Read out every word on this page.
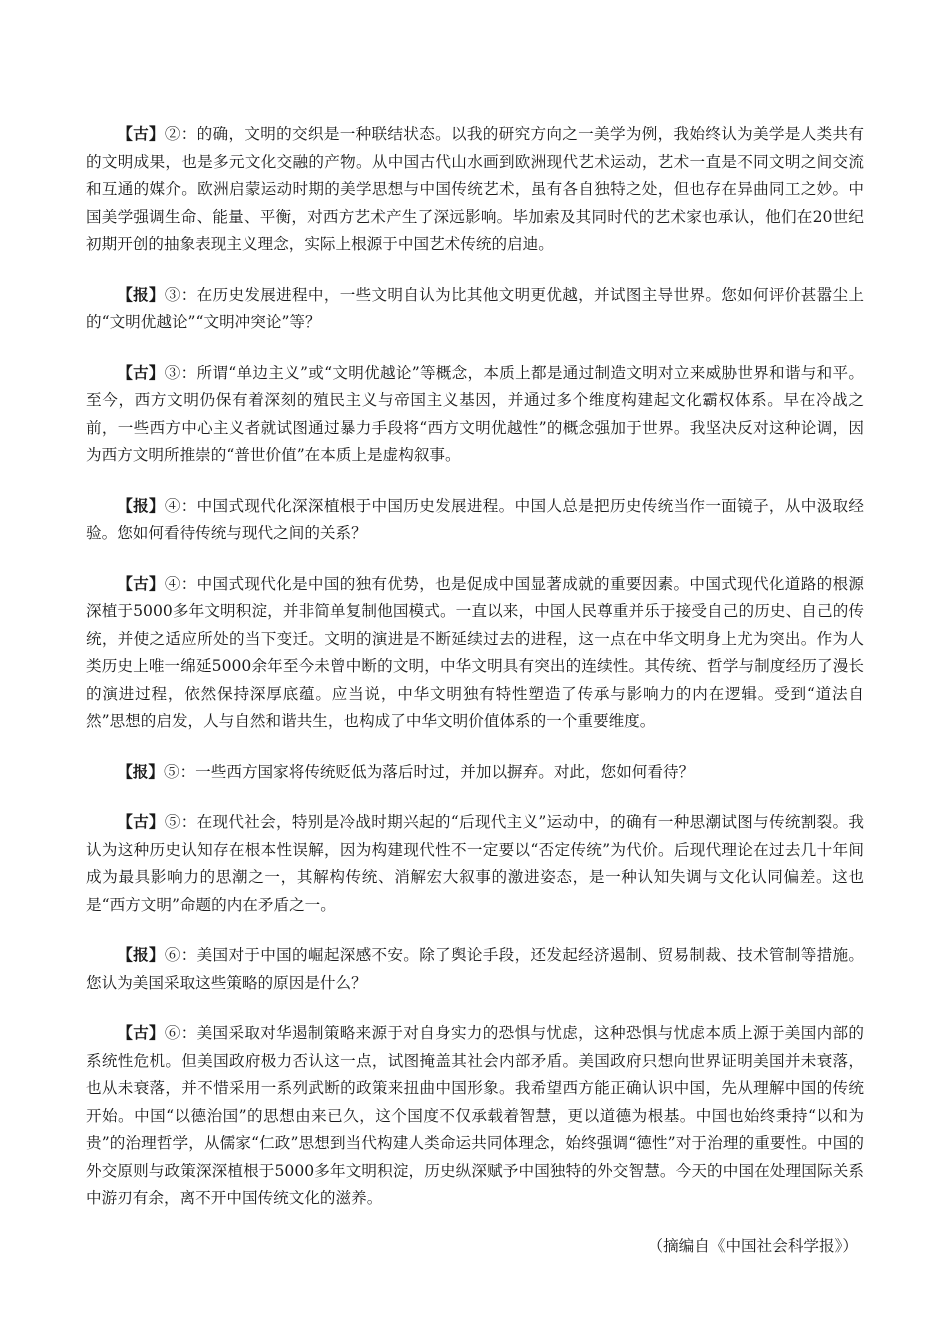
【古】②：的确，文明的交织是一种联结状态。以我的研究方向之一美学为例，我始终认为美学是人类共有的文明成果，也是多元文化交融的产物。从中国古代山水画到欧洲现代艺术运动，艺术一直是不同文明之间交流和互通的媒介。欧洲启蒙运动时期的美学思想与中国传统艺术，虽有各自独特之处，但也存在异曲同工之妙。中国美学强调生命、能量、平衡，对西方艺术产生了深远影响。毕加索及其同时代的艺术家也承认，他们在20世纪初期开创的抽象表现主义理念，实际上根源于中国艺术传统的启迪。

【报】③：在历史发展进程中，一些文明自认为比其他文明更优越，并试图主导世界。您如何评价甚嚣尘上的“文明优越论”“文明冲突论”等？

【古】③：所谓“单边主义”或“文明优越论”等概念，本质上都是通过制造文明对立来威胁世界和谐与和平。至今，西方文明仍保有着深刻的殖民主义与帝国主义基因，并通过多个维度构建起文化霸权体系。早在冷战之前，一些西方中心主义者就试图通过暴力手段将“西方文明优越性”的概念强加于世界。我坚决反对这种论调，因为西方文明所推崇的“普世价值”在本质上是虚构叙事。

【报】④：中国式现代化深深植根于中国历史发展进程。中国人总是把历史传统当作一面镜子，从中汲取经验。您如何看待传统与现代之间的关系？

【古】④：中国式现代化是中国的独有优势，也是促成中国显著成就的重要因素。中国式现代化道路的根源深植于5000多年文明积淀，并非简单复制他国模式。一直以来，中国人民尊重并乐于接受自己的历史、自己的传统，并使之适应所处的当下变迁。文明的演进是不断延续过去的进程，这一点在中华文明身上尤为突出。作为人类历史上唯一绵延5000余年至今未曾中断的文明，中华文明具有突出的连续性。其传统、哲学与制度经历了漫长的演进过程，依然保持深厚底蕴。应当说，中华文明独有特性塑造了传承与影响力的内在逻辑。受到“道法自然”思想的启发，人与自然和谐共生，也构成了中华文明价值体系的一个重要维度。

【报】⑤：一些西方国家将传统贬低为落后时过，并加以摒弃。对此，您如何看待？

【古】⑤：在现代社会，特别是冷战时期兴起的“后现代主义”运动中，的确有一种思潮试图与传统割裂。我认为这种历史认知存在根本性误解，因为构建现代性不一定要以“否定传统”为代价。后现代理论在过去几十年间成为最具影响力的思潮之一，其解构传统、消解宏大叙事的激进姿态，是一种认知失调与文化认同偏差。这也是“西方文明”命题的内在矛盾之一。

【报】⑥：美国对于中国的崛起深感不安。除了舆论手段，还发起经济遏制、贸易制裁、技术管制等措施。您认为美国采取这些策略的原因是什么？

【古】⑥：美国采取对华遏制策略来源于对自身实力的恐惧与忧虑，这种恐惧与忧虑本质上源于美国内部的系统性危机。但美国政府极力否认这一点，试图掩盖其社会内部矛盾。美国政府只想向世界证明美国并未衰落，也从未衰落，并不惜采用一系列武断的政策来扭曲中国形象。我希望西方能正确认识中国，先从理解中国的传统开始。中国“以德治国”的思想由来已久，这个国度不仅承载着智慧，更以道德为根基。中国也始终秉持“以和为贵”的治理哲学，从儒家“仁政”思想到当代构建人类命运共同体理念，始终强调“德性”对于治理的重要性。中国的外交原则与政策深深植根于5000多年文明积淀，历史纵深赋予中国独特的外交智慧。今天的中国在处理国际关系中游刃有余，离不开中国传统文化的滋养。

（摘编自《中国社会科学报》）
